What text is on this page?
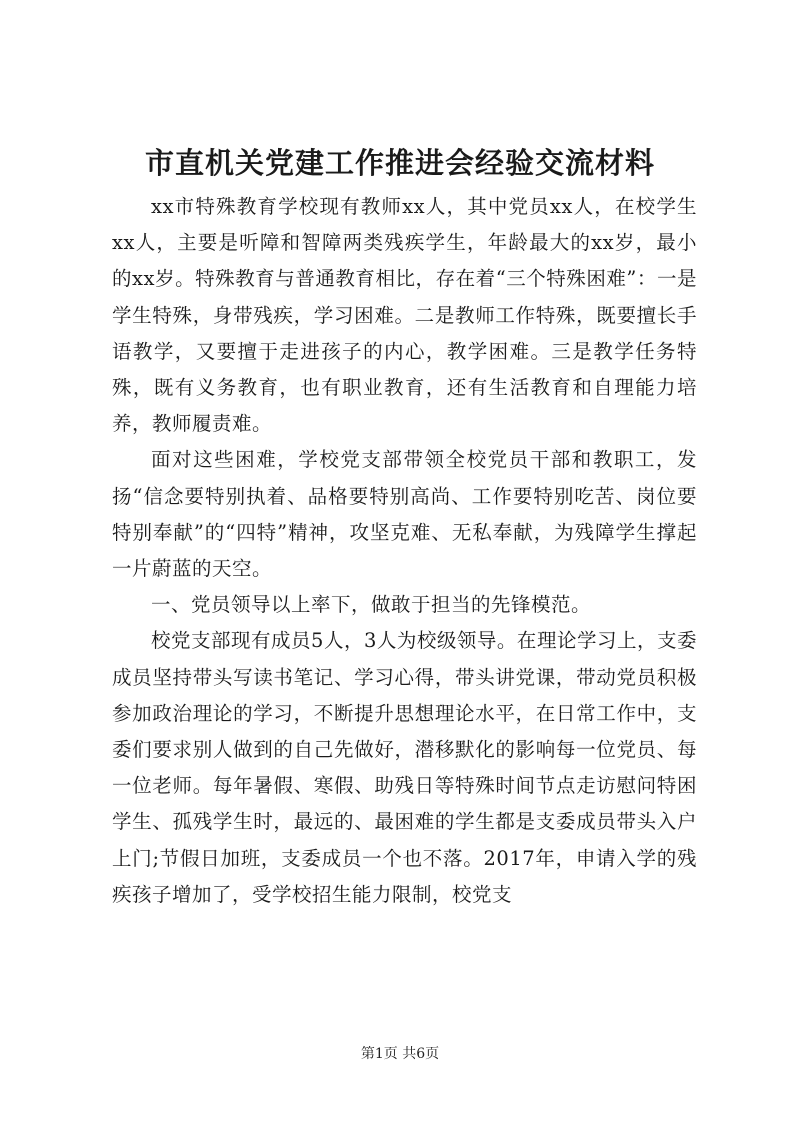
市直机关党建工作推进会经验交流材料

xx市特殊教育学校现有教师xx人，其中党员xx人，在校学生xx人，主要是听障和智障两类残疾学生，年龄最大的xx岁，最小的xx岁。特殊教育与普通教育相比，存在着“三个特殊困难”：一是学生特殊，身带残疾，学习困难。二是教师工作特殊，既要擅长手语教学，又要擅于走进孩子的内心，教学困难。三是教学任务特殊，既有义务教育，也有职业教育，还有生活教育和自理能力培养，教师履责难。

面对这些困难，学校党支部带领全校党员干部和教职工，发扬“信念要特别执着、品格要特别高尚、工作要特别吃苦、岗位要特别奉献”的“四特”精神，攻坚克难、无私奉献，为残障学生撑起一片蔚蓝的天空。

一、党员领导以上率下，做敢于担当的先锋模范。

校党支部现有成员5人，3人为校级领导。在理论学习上，支委成员坚持带头写读书笔记、学习心得，带头讲党课，带动党员积极参加政治理论的学习，不断提升思想理论水平，在日常工作中，支委们要求别人做到的自己先做好，潜移默化的影响每一位党员、每一位老师。每年暑假、寒假、助残日等特殊时间节点走访慰问特困学生、孤残学生时，最远的、最困难的学生都是支委成员带头入户上门;节假日加班，支委成员一个也不落。2017年，申请入学的残疾孩子增加了，受学校招生能力限制，校党支

第1页 共6页
